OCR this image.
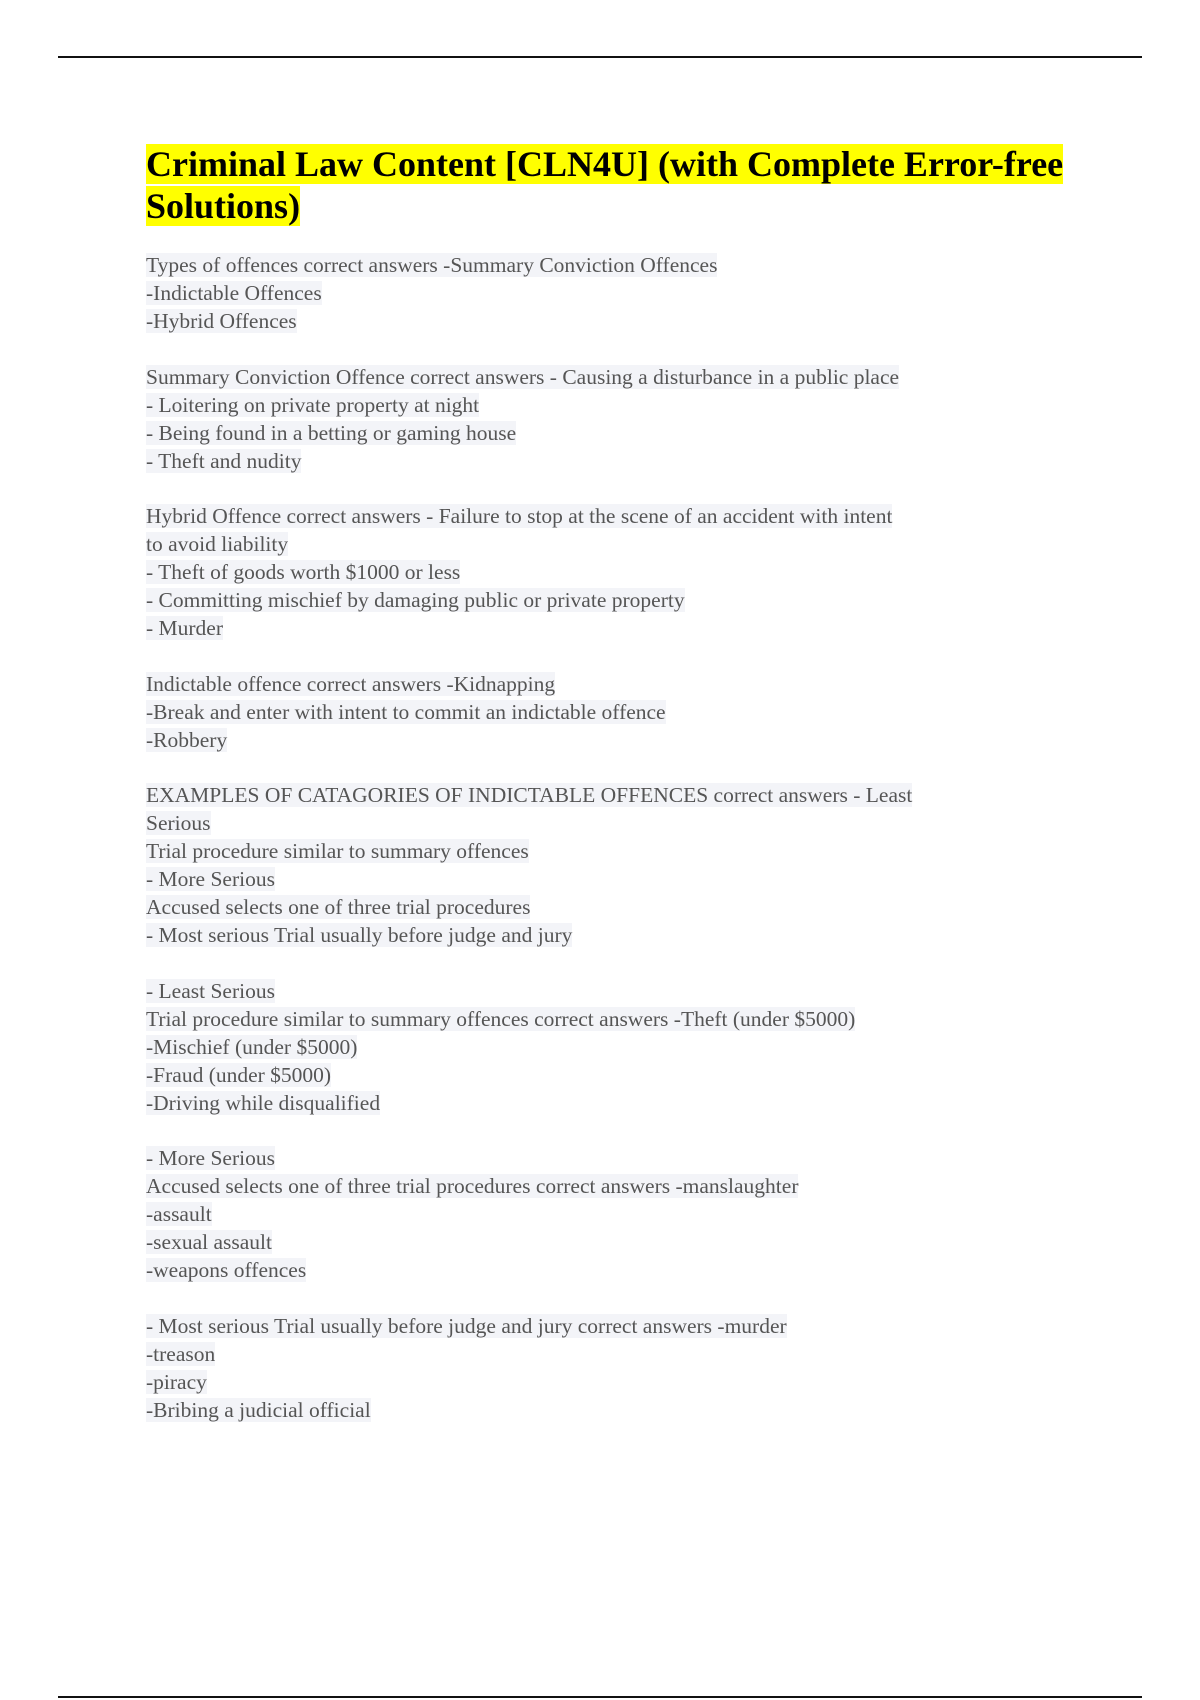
Criminal Law Content [CLN4U] (with Complete Error-free Solutions)
Types of offences correct answers -Summary Conviction Offences
-Indictable Offences
-Hybrid Offences
Summary Conviction Offence correct answers - Causing a disturbance in a public place
- Loitering on private property at night
- Being found in a betting or gaming house
- Theft and nudity
Hybrid Offence correct answers - Failure to stop at the scene of an accident with intent
to avoid liability
- Theft of goods worth $1000 or less
- Committing mischief by damaging public or private property
- Murder
Indictable offence correct answers -Kidnapping
-Break and enter with intent to commit an indictable offence
-Robbery
EXAMPLES OF CATAGORIES OF INDICTABLE OFFENCES correct answers - Least
Serious
Trial procedure similar to summary offences
- More Serious
Accused selects one of three trial procedures
- Most serious Trial usually before judge and jury
- Least Serious
Trial procedure similar to summary offences correct answers -Theft (under $5000)
-Mischief (under $5000)
-Fraud (under $5000)
-Driving while disqualified
- More Serious
Accused selects one of three trial procedures correct answers -manslaughter
-assault
-sexual assault
-weapons offences
- Most serious Trial usually before judge and jury correct answers -murder
-treason
-piracy
-Bribing a judicial official
